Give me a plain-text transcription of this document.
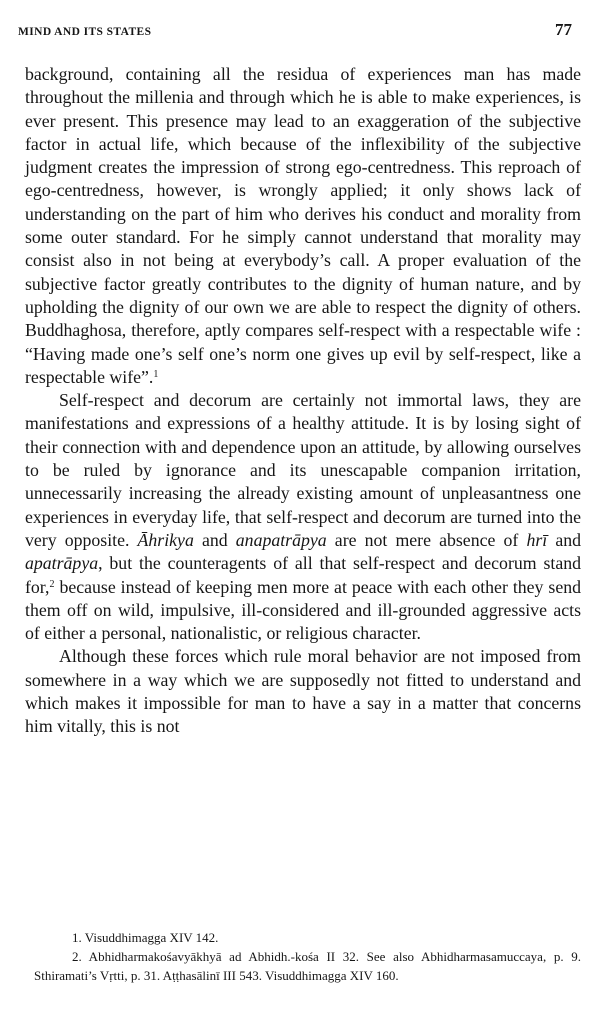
MIND AND ITS STATES	77

background, containing all the residua of experiences man has made throughout the millenia and through which he is able to make experiences, is ever present. This presence may lead to an exaggeration of the subjective factor in actual life, which because of the inflexibility of the subjective judgment creates the impression of strong ego-centredness. This reproach of ego-centredness, however, is wrongly applied; it only shows lack of understanding on the part of him who derives his conduct and morality from some outer standard. For he simply cannot understand that morality may consist also in not being at everybody’s call. A proper evaluation of the subjective factor greatly contributes to the dignity of human nature, and by upholding the dignity of our own we are able to respect the dignity of others. Buddhaghosa, therefore, aptly compares self-respect with a respectable wife : “Having made one’s self one’s norm one gives up evil by self-respect, like a respectable wife”.$^1$

Self-respect and decorum are certainly not immortal laws, they are manifestations and expressions of a healthy attitude. It is by losing sight of their connection with and dependence upon an attitude, by allowing ourselves to be ruled by ignorance and its unescapable companion irritation, unnecessarily increasing the already existing amount of unpleasantness one experiences in everyday life, that self-respect and decorum are turned into the very opposite. Āhrikya and anapatrāpya are not mere absence of hrī and apatrāpya, but the counteragents of all that self-respect and decorum stand for,$^2$ because instead of keeping men more at peace with each other they send them off on wild, impulsive, ill-considered and ill-grounded aggressive acts of either a personal, nationalistic, or religious character.

Although these forces which rule moral behavior are not imposed from somewhere in a way which we are supposedly not fitted to understand and which makes it impossible for man to have a say in a matter that concerns him vitally, this is not

1. Visuddhimagga XIV 142.

2. Abhidharmakośavyākhyā ad Abhidh.-kośa II 32. See also Abhidharmasamuccaya, p. 9. Sthiramati’s Vṛtti, p. 31. Aṭṭhasālinī III 543. Visuddhimagga XIV 160.
